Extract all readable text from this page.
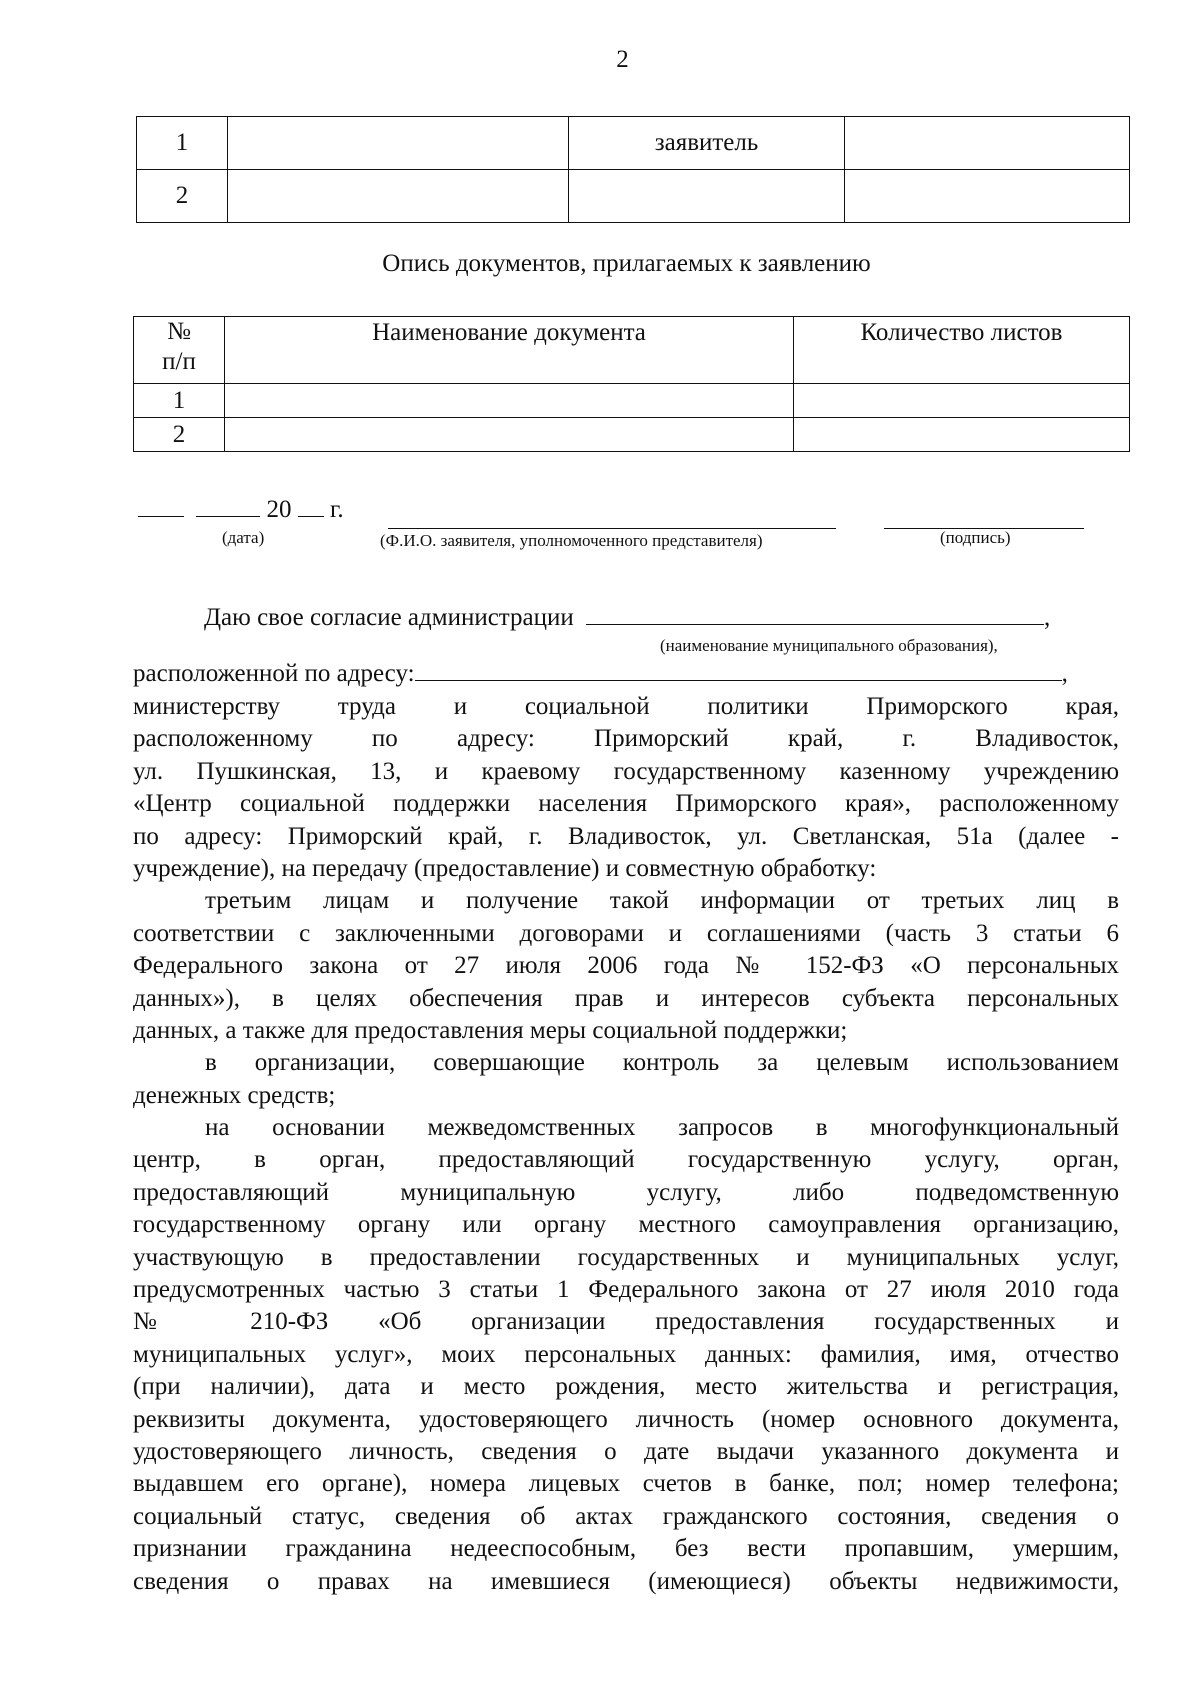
2
1		заявитель	
2			
Опись документов, прилагаемых к заявлению
№
п/п	Наименование документа	Количество листов
1		
2		
20 г.
(дата)	(Ф.И.О. заявителя, уполномоченного представителя)	(подпись)
Даю свое согласие администрации	,
(наименование муниципального образования),
расположенной по адресу:	,
министерству труда и социальной политики Приморского края,
расположенному по адресу: Приморский край, г. Владивосток,
ул. Пушкинская, 13, и краевому государственному казенному учреждению
«Центр социальной поддержки населения Приморского края», расположенному
по адресу: Приморский край, г. Владивосток, ул. Светланская, 51а (далее -
учреждение), на передачу (предоставление) и совместную обработку:
третьим лицам и получение такой информации от третьих лиц в
соответствии с заключенными договорами и соглашениями (часть 3 статьи 6
Федерального закона от 27 июля 2006 года № 152-ФЗ «О персональных
данных»), в целях обеспечения прав и интересов субъекта персональных
данных, а также для предоставления меры социальной поддержки;
в организации, совершающие контроль за целевым использованием
денежных средств;
на основании межведомственных запросов в многофункциональный
центр, в орган, предоставляющий государственную услугу, орган,
предоставляющий муниципальную услугу, либо подведомственную
государственному органу или органу местного самоуправления организацию,
участвующую в предоставлении государственных и муниципальных услуг,
предусмотренных частью 3 статьи 1 Федерального закона от 27 июля 2010 года
№ 210-ФЗ «Об организации предоставления государственных и
муниципальных услуг», моих персональных данных: фамилия, имя, отчество
(при наличии), дата и место рождения, место жительства и регистрация,
реквизиты документа, удостоверяющего личность (номер основного документа,
удостоверяющего личность, сведения о дате выдачи указанного документа и
выдавшем его органе), номера лицевых счетов в банке, пол; номер телефона;
социальный статус, сведения об актах гражданского состояния, сведения о
признании гражданина недееспособным, без вести пропавшим, умершим,
сведения о правах на имевшиеся (имеющиеся) объекты недвижимости,
